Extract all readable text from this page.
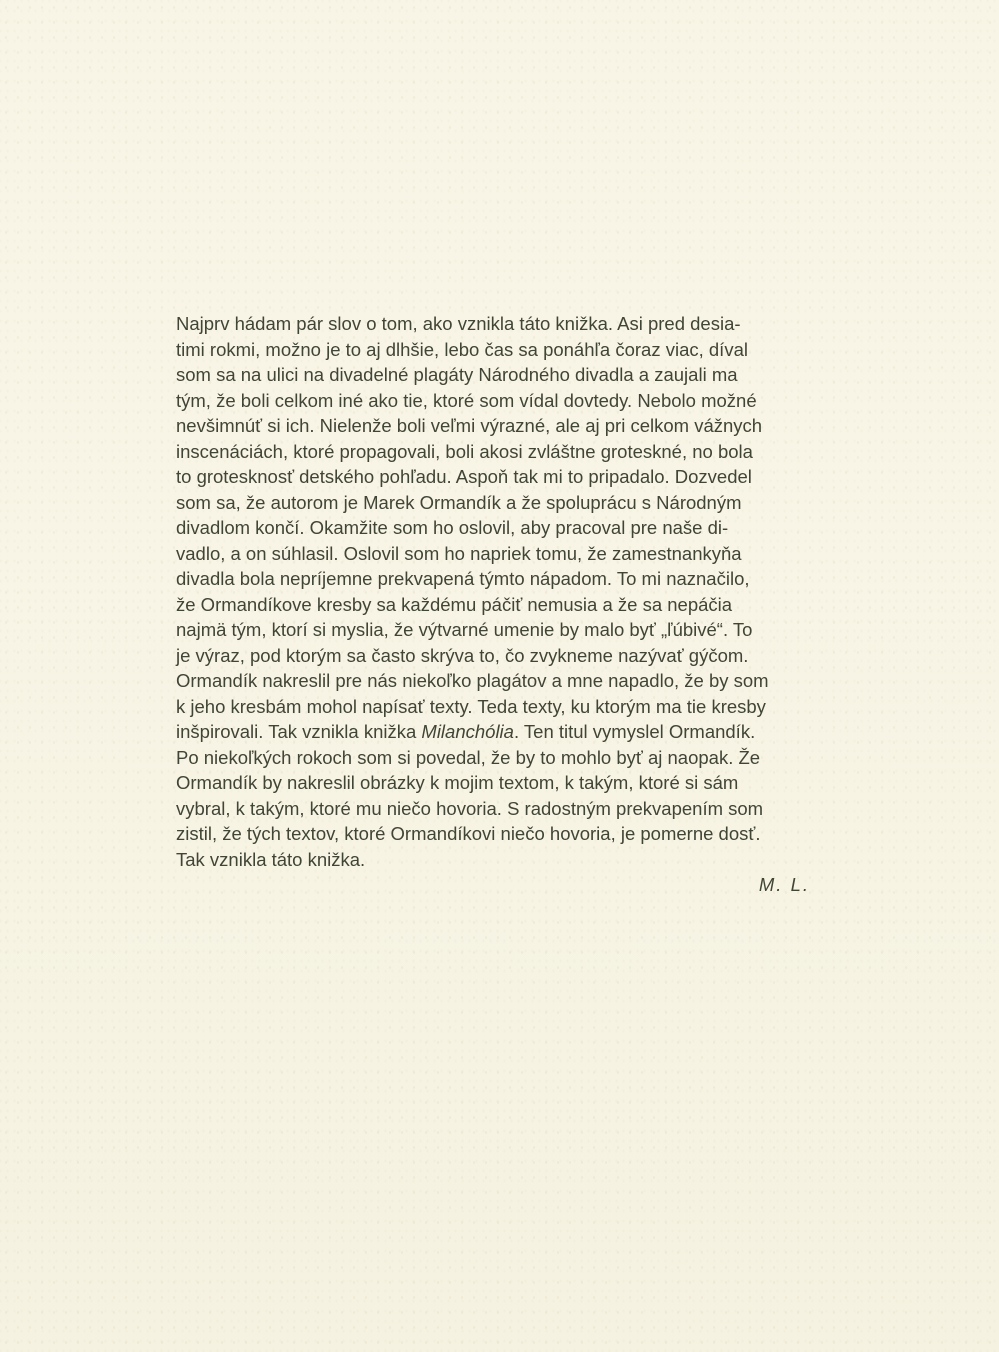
Najprv hádam pár slov o tom, ako vznikla táto knižka. Asi pred desia-
timi rokmi, možno je to aj dlhšie, lebo čas sa ponáhľa čoraz viac, díval
som sa na ulici na divadelné plagáty Národného divadla a zaujali ma
tým, že boli celkom iné ako tie, ktoré som vídal dovtedy. Nebolo možné
nevšimnúť si ich. Nielenže boli veľmi výrazné, ale aj pri celkom vážnych
inscenáciách, ktoré propagovali, boli akosi zvláštne groteskné, no bola
to grotesknosť detského pohľadu. Aspoň tak mi to pripadalo. Dozvedel
som sa, že autorom je Marek Ormandík a že spoluprácu s Národným
divadlom končí. Okamžite som ho oslovil, aby pracoval pre naše di-
vadlo, a on súhlasil. Oslovil som ho napriek tomu, že zamestnankyňa
divadla bola nepríjemne prekvapená týmto nápadom. To mi naznačilo,
že Ormandíkove kresby sa každému páčiť nemusia a že sa nepáčia
najmä tým, ktorí si myslia, že výtvarné umenie by malo byť „ľúbivé“. To
je výraz, pod ktorým sa často skrýva to, čo zvykneme nazývať gýčom.
Ormandík nakreslil pre nás niekoľko plagátov a mne napadlo, že by som
k jeho kresbám mohol napísať texty. Teda texty, ku ktorým ma tie kresby
inšpirovali. Tak vznikla knižka Milanchólia. Ten titul vymyslel Ormandík.
Po niekoľkých rokoch som si povedal, že by to mohlo byť aj naopak. Že
Ormandík by nakreslil obrázky k mojim textom, k takým, ktoré si sám
vybral, k takým, ktoré mu niečo hovoria. S radostným prekvapením som
zistil, že tých textov, ktoré Ormandíkovi niečo hovoria, je pomerne dosť.
Tak vznikla táto knižka.
M. L.
